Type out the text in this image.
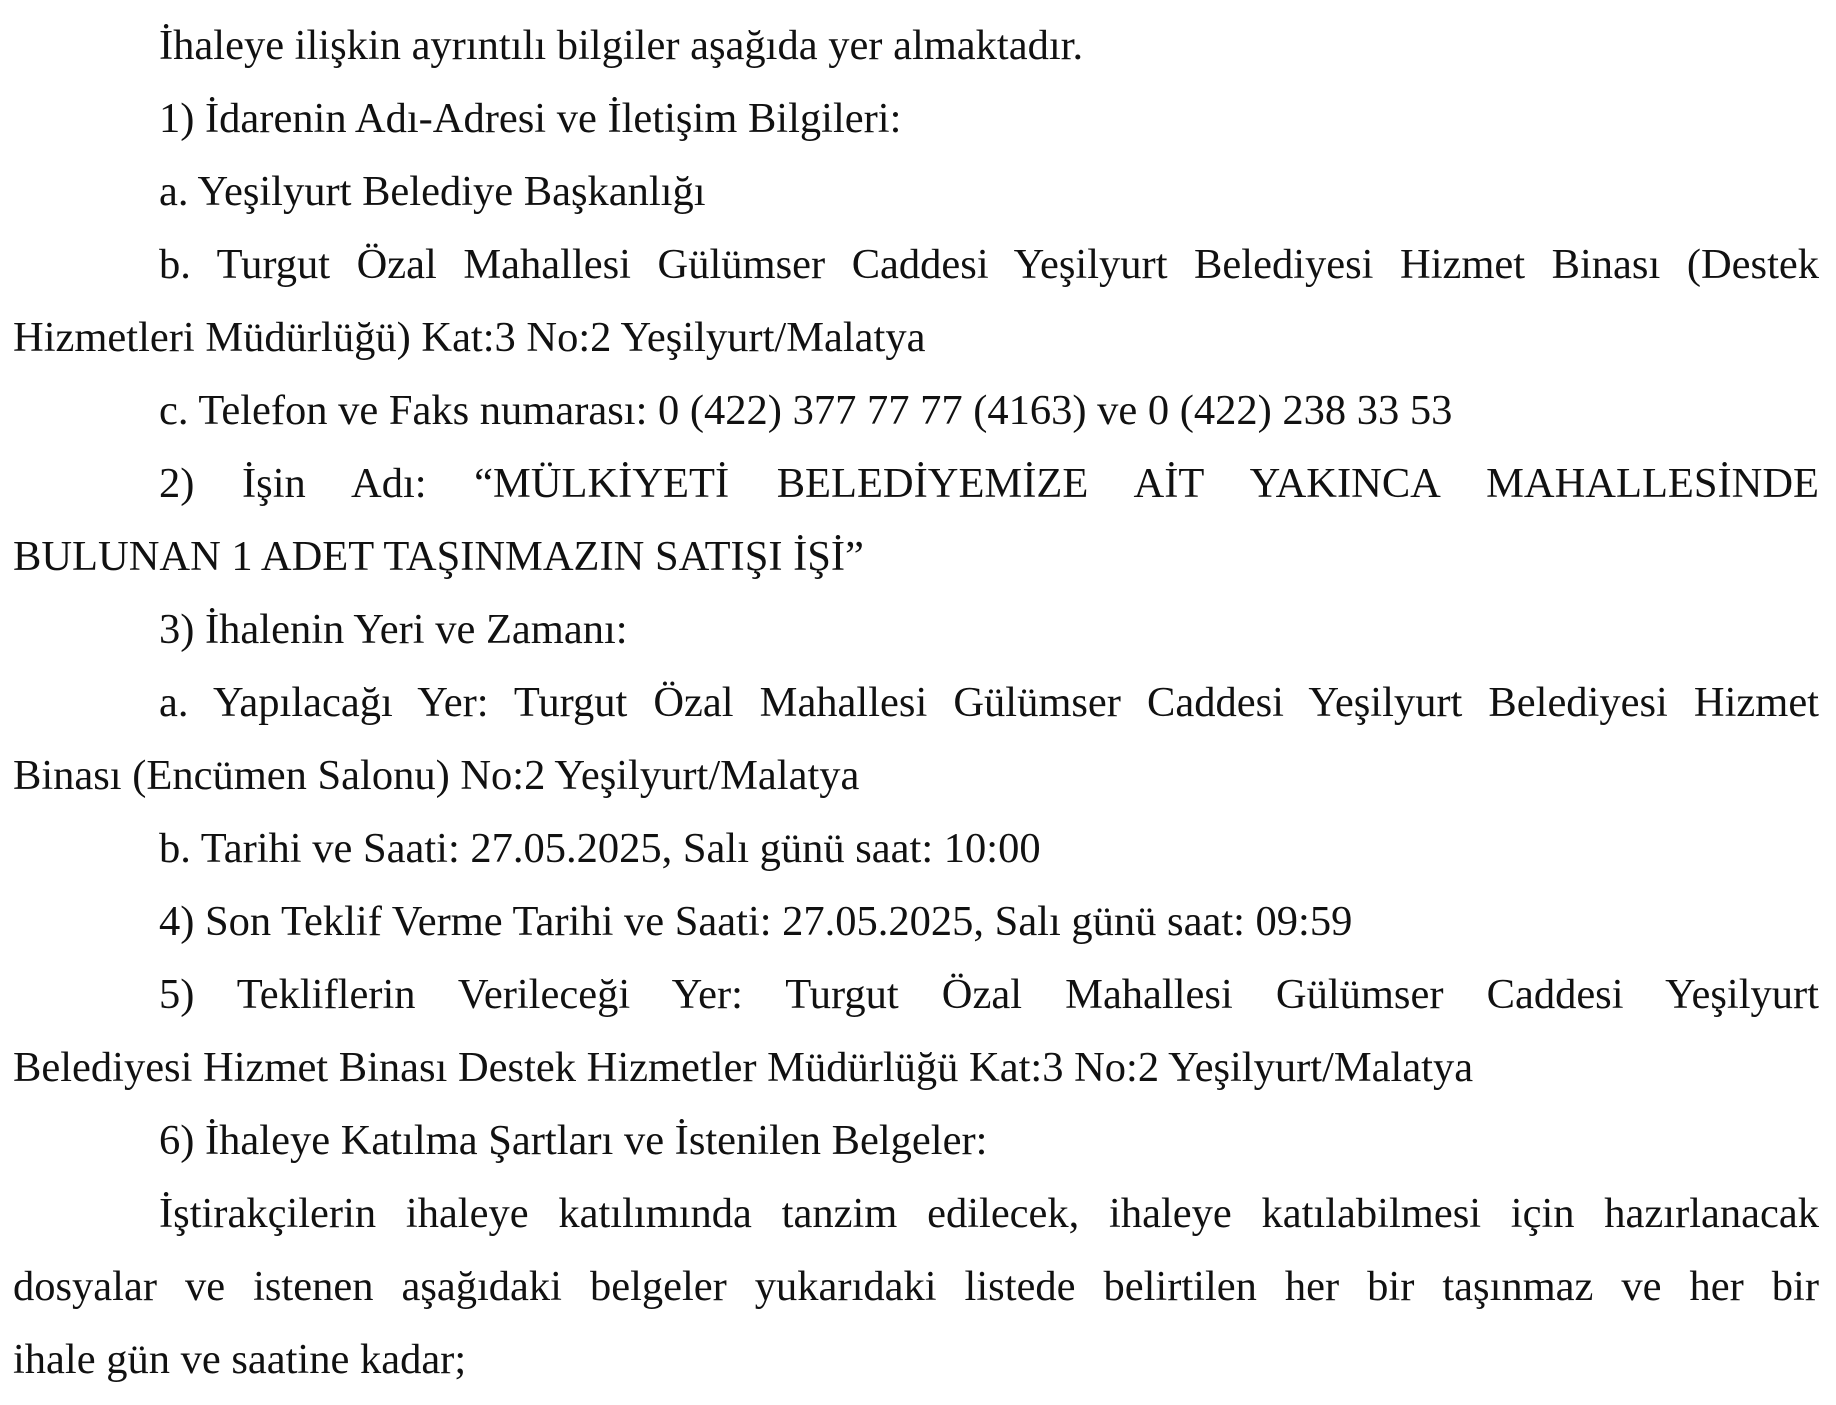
İhaleye ilişkin ayrıntılı bilgiler aşağıda yer almaktadır.
1) İdarenin Adı-Adresi ve İletişim Bilgileri:
a. Yeşilyurt Belediye Başkanlığı
b. Turgut Özal Mahallesi Gülümser Caddesi Yeşilyurt Belediyesi Hizmet Binası (Destek
Hizmetleri Müdürlüğü) Kat:3 No:2 Yeşilyurt/Malatya
c. Telefon ve Faks numarası: 0 (422) 377 77 77 (4163) ve 0 (422) 238 33 53
2) İşin Adı: “MÜLKİYETİ BELEDİYEMİZE AİT YAKINCA MAHALLESİNDE
BULUNAN 1 ADET TAŞINMAZIN SATIŞI İŞİ”
3) İhalenin Yeri ve Zamanı:
a. Yapılacağı Yer: Turgut Özal Mahallesi Gülümser Caddesi Yeşilyurt Belediyesi Hizmet
Binası (Encümen Salonu) No:2 Yeşilyurt/Malatya
b. Tarihi ve Saati: 27.05.2025, Salı günü saat: 10:00
4) Son Teklif Verme Tarihi ve Saati: 27.05.2025, Salı günü saat: 09:59
5) Tekliflerin Verileceği Yer: Turgut Özal Mahallesi Gülümser Caddesi Yeşilyurt
Belediyesi Hizmet Binası Destek Hizmetler Müdürlüğü Kat:3 No:2 Yeşilyurt/Malatya
6) İhaleye Katılma Şartları ve İstenilen Belgeler:
İştirakçilerin ihaleye katılımında tanzim edilecek, ihaleye katılabilmesi için hazırlanacak
dosyalar ve istenen aşağıdaki belgeler yukarıdaki listede belirtilen her bir taşınmaz ve her bir
ihale gün ve saatine kadar;
